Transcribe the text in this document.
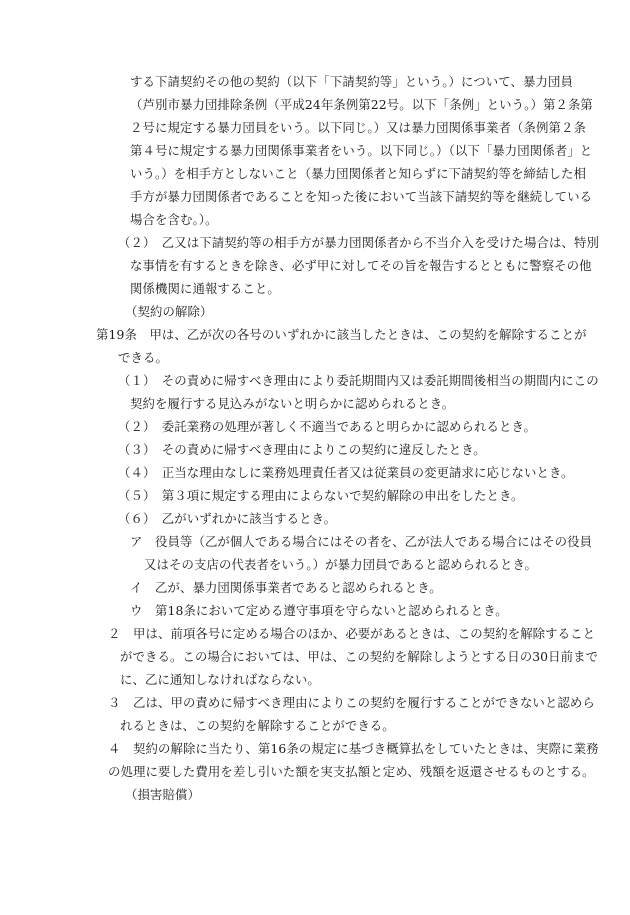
する下請契約その他の契約（以下「下請契約等」という。）について、暴力団員
（芦別市暴力団排除条例（平成24年条例第22号。以下「条例」という。）第２条第
２号に規定する暴力団員をいう。以下同じ。）又は暴力団関係事業者（条例第２条
第４号に規定する暴力団関係事業者をいう。以下同じ。）（以下「暴力団関係者」と
いう。）を相手方としないこと（暴力団関係者と知らずに下請契約等を締結した相
手方が暴力団関係者であることを知った後において当該下請契約等を継続している
場合を含む。）。
（２）　乙又は下請契約等の相手方が暴力団関係者から不当介入を受けた場合は、特別
な事情を有するときを除き、必ず甲に対してその旨を報告するとともに警察その他
関係機関に通報すること。
（契約の解除）
第19条　甲は、乙が次の各号のいずれかに該当したときは、この契約を解除することが
できる。
（１）　その責めに帰すべき理由により委託期間内又は委託期間後相当の期間内にこの
契約を履行する見込みがないと明らかに認められるとき。
（２）　委託業務の処理が著しく不適当であると明らかに認められるとき。
（３）　その責めに帰すべき理由によりこの契約に違反したとき。
（４）　正当な理由なしに業務処理責任者又は従業員の変更請求に応じないとき。
（５）　第３項に規定する理由によらないで契約解除の申出をしたとき。
（６）　乙がいずれかに該当するとき。
ア　役員等（乙が個人である場合にはその者を、乙が法人である場合にはその役員
又はその支店の代表者をいう。）が暴力団員であると認められるとき。
イ　乙が、暴力団関係事業者であると認められるとき。
ウ　第18条において定める遵守事項を守らないと認められるとき。
２　甲は、前項各号に定める場合のほか、必要があるときは、この契約を解除すること
ができる。この場合においては、甲は、この契約を解除しようとする日の30日前まで
に、乙に通知しなければならない。
３　乙は、甲の責めに帰すべき理由によりこの契約を履行することができないと認めら
れるときは、この契約を解除することができる。
４　契約の解除に当たり、第16条の規定に基づき概算払をしていたときは、実際に業務
の処理に要した費用を差し引いた額を実支払額と定め、残額を返還させるものとする。
（損害賠償）
